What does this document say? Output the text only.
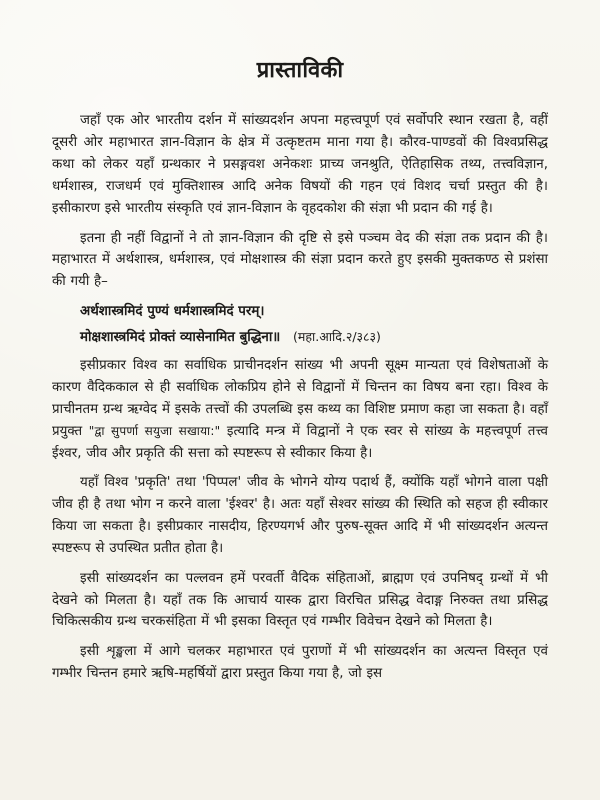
प्रास्ताविकी

जहाँ एक ओर भारतीय दर्शन में सांख्यदर्शन अपना महत्त्वपूर्ण एवं सर्वोपरि स्थान रखता है, वहीं दूसरी ओर महाभारत ज्ञान-विज्ञान के क्षेत्र में उत्कृष्टतम माना गया है। कौरव-पाण्डवों की विश्वप्रसिद्ध कथा को लेकर यहाँ ग्रन्थकार ने प्रसङ्गवश अनेकशः प्राच्य जनश्रुति, ऐतिहासिक तथ्य, तत्त्वविज्ञान, धर्मशास्त्र, राजधर्म एवं मुक्तिशास्त्र आदि अनेक विषयों की गहन एवं विशद चर्चा प्रस्तुत की है। इसीकारण इसे भारतीय संस्कृति एवं ज्ञान-विज्ञान के वृहदकोश की संज्ञा भी प्रदान की गई है।

इतना ही नहीं विद्वानों ने तो ज्ञान-विज्ञान की दृष्टि से इसे पञ्चम वेद की संज्ञा तक प्रदान की है। महाभारत में अर्थशास्त्र, धर्मशास्त्र, एवं मोक्षशास्त्र की संज्ञा प्रदान करते हुए इसकी मुक्तकण्ठ से प्रशंसा की गयी है–

अर्थशास्त्रमिदं पुण्यं धर्मशास्त्रमिदं परम्।
मोक्षशास्त्रमिदं प्रोक्तं व्यासेनामित बुद्धिना॥ (महा.आदि.२/३८३)

इसीप्रकार विश्व का सर्वाधिक प्राचीनदर्शन सांख्य भी अपनी सूक्ष्म मान्यता एवं विशेषताओं के कारण वैदिककाल से ही सर्वाधिक लोकप्रिय होने से विद्वानों में चिन्तन का विषय बना रहा। विश्व के प्राचीनतम ग्रन्थ ऋग्वेद में इसके तत्त्वों की उपलब्धि इस कथ्य का विशिष्ट प्रमाण कहा जा सकता है। वहाँ प्रयुक्त "द्वा सुपर्णा सयुजा सखाया:" इत्यादि मन्त्र में विद्वानों ने एक स्वर से सांख्य के महत्त्वपूर्ण तत्त्व ईश्वर, जीव और प्रकृति की सत्ता को स्पष्टरूप से स्वीकार किया है।

यहाँ विश्व 'प्रकृति' तथा 'पिप्पल' जीव के भोगने योग्य पदार्थ हैं, क्योंकि यहाँ भोगने वाला पक्षी जीव ही है तथा भोग न करने वाला 'ईश्वर' है। अतः यहाँ सेश्वर सांख्य की स्थिति को सहज ही स्वीकार किया जा सकता है। इसीप्रकार नासदीय, हिरण्यगर्भ और पुरुष-सूक्त आदि में भी सांख्यदर्शन अत्यन्त स्पष्टरूप से उपस्थित प्रतीत होता है।

इसी सांख्यदर्शन का पल्लवन हमें परवर्ती वैदिक संहिताओं, ब्राह्मण एवं उपनिषद् ग्रन्थों में भी देखने को मिलता है। यहाँ तक कि आचार्य यास्क द्वारा विरचित प्रसिद्ध वेदाङ्ग निरुक्त तथा प्रसिद्ध चिकित्सकीय ग्रन्थ चरकसंहिता में भी इसका विस्तृत एवं गम्भीर विवेचन देखने को मिलता है।

इसी शृङ्खला में आगे चलकर महाभारत एवं पुराणों में भी सांख्यदर्शन का अत्यन्त विस्तृत एवं गम्भीर चिन्तन हमारे ऋषि-महर्षियों द्वारा प्रस्तुत किया गया है, जो इस
